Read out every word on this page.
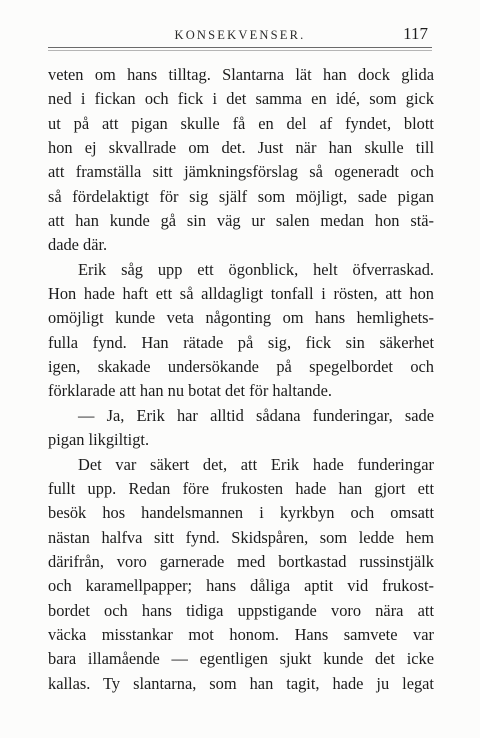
KONSEKVENSER.	117
veten om hans tilltag. Slantarna lät han dock glida
ned i fickan och fick i det samma en idé, som gick
ut på att pigan skulle få en del af fyndet, blott
hon ej skvallrade om det. Just när han skulle till
att framställa sitt jämkningsförslag så ogeneradt och
så fördelaktigt för sig själf som möjligt, sade pigan
att han kunde gå sin väg ur salen medan hon stä-
dade där.
Erik såg upp ett ögonblick, helt öfverraskad.
Hon hade haft ett så alldagligt tonfall i rösten, att hon
omöjligt kunde veta någonting om hans hemlighets-
fulla fynd. Han rätade på sig, fick sin säkerhet
igen, skakade undersökande på spegelbordet och
förklarade att han nu botat det för haltande.
— Ja, Erik har alltid sådana funderingar, sade
pigan likgiltigt.
Det var säkert det, att Erik hade funderingar
fullt upp. Redan före frukosten hade han gjort ett
besök hos handelsmannen i kyrkbyn och omsatt
nästan halfva sitt fynd. Skidspåren, som ledde hem
därifrån, voro garnerade med bortkastad russinstjälk
och karamellpapper; hans dåliga aptit vid frukost-
bordet och hans tidiga uppstigande voro nära att
väcka misstankar mot honom. Hans samvete var
bara illamående — egentligen sjukt kunde det icke
kallas. Ty slantarna, som han tagit, hade ju legat
